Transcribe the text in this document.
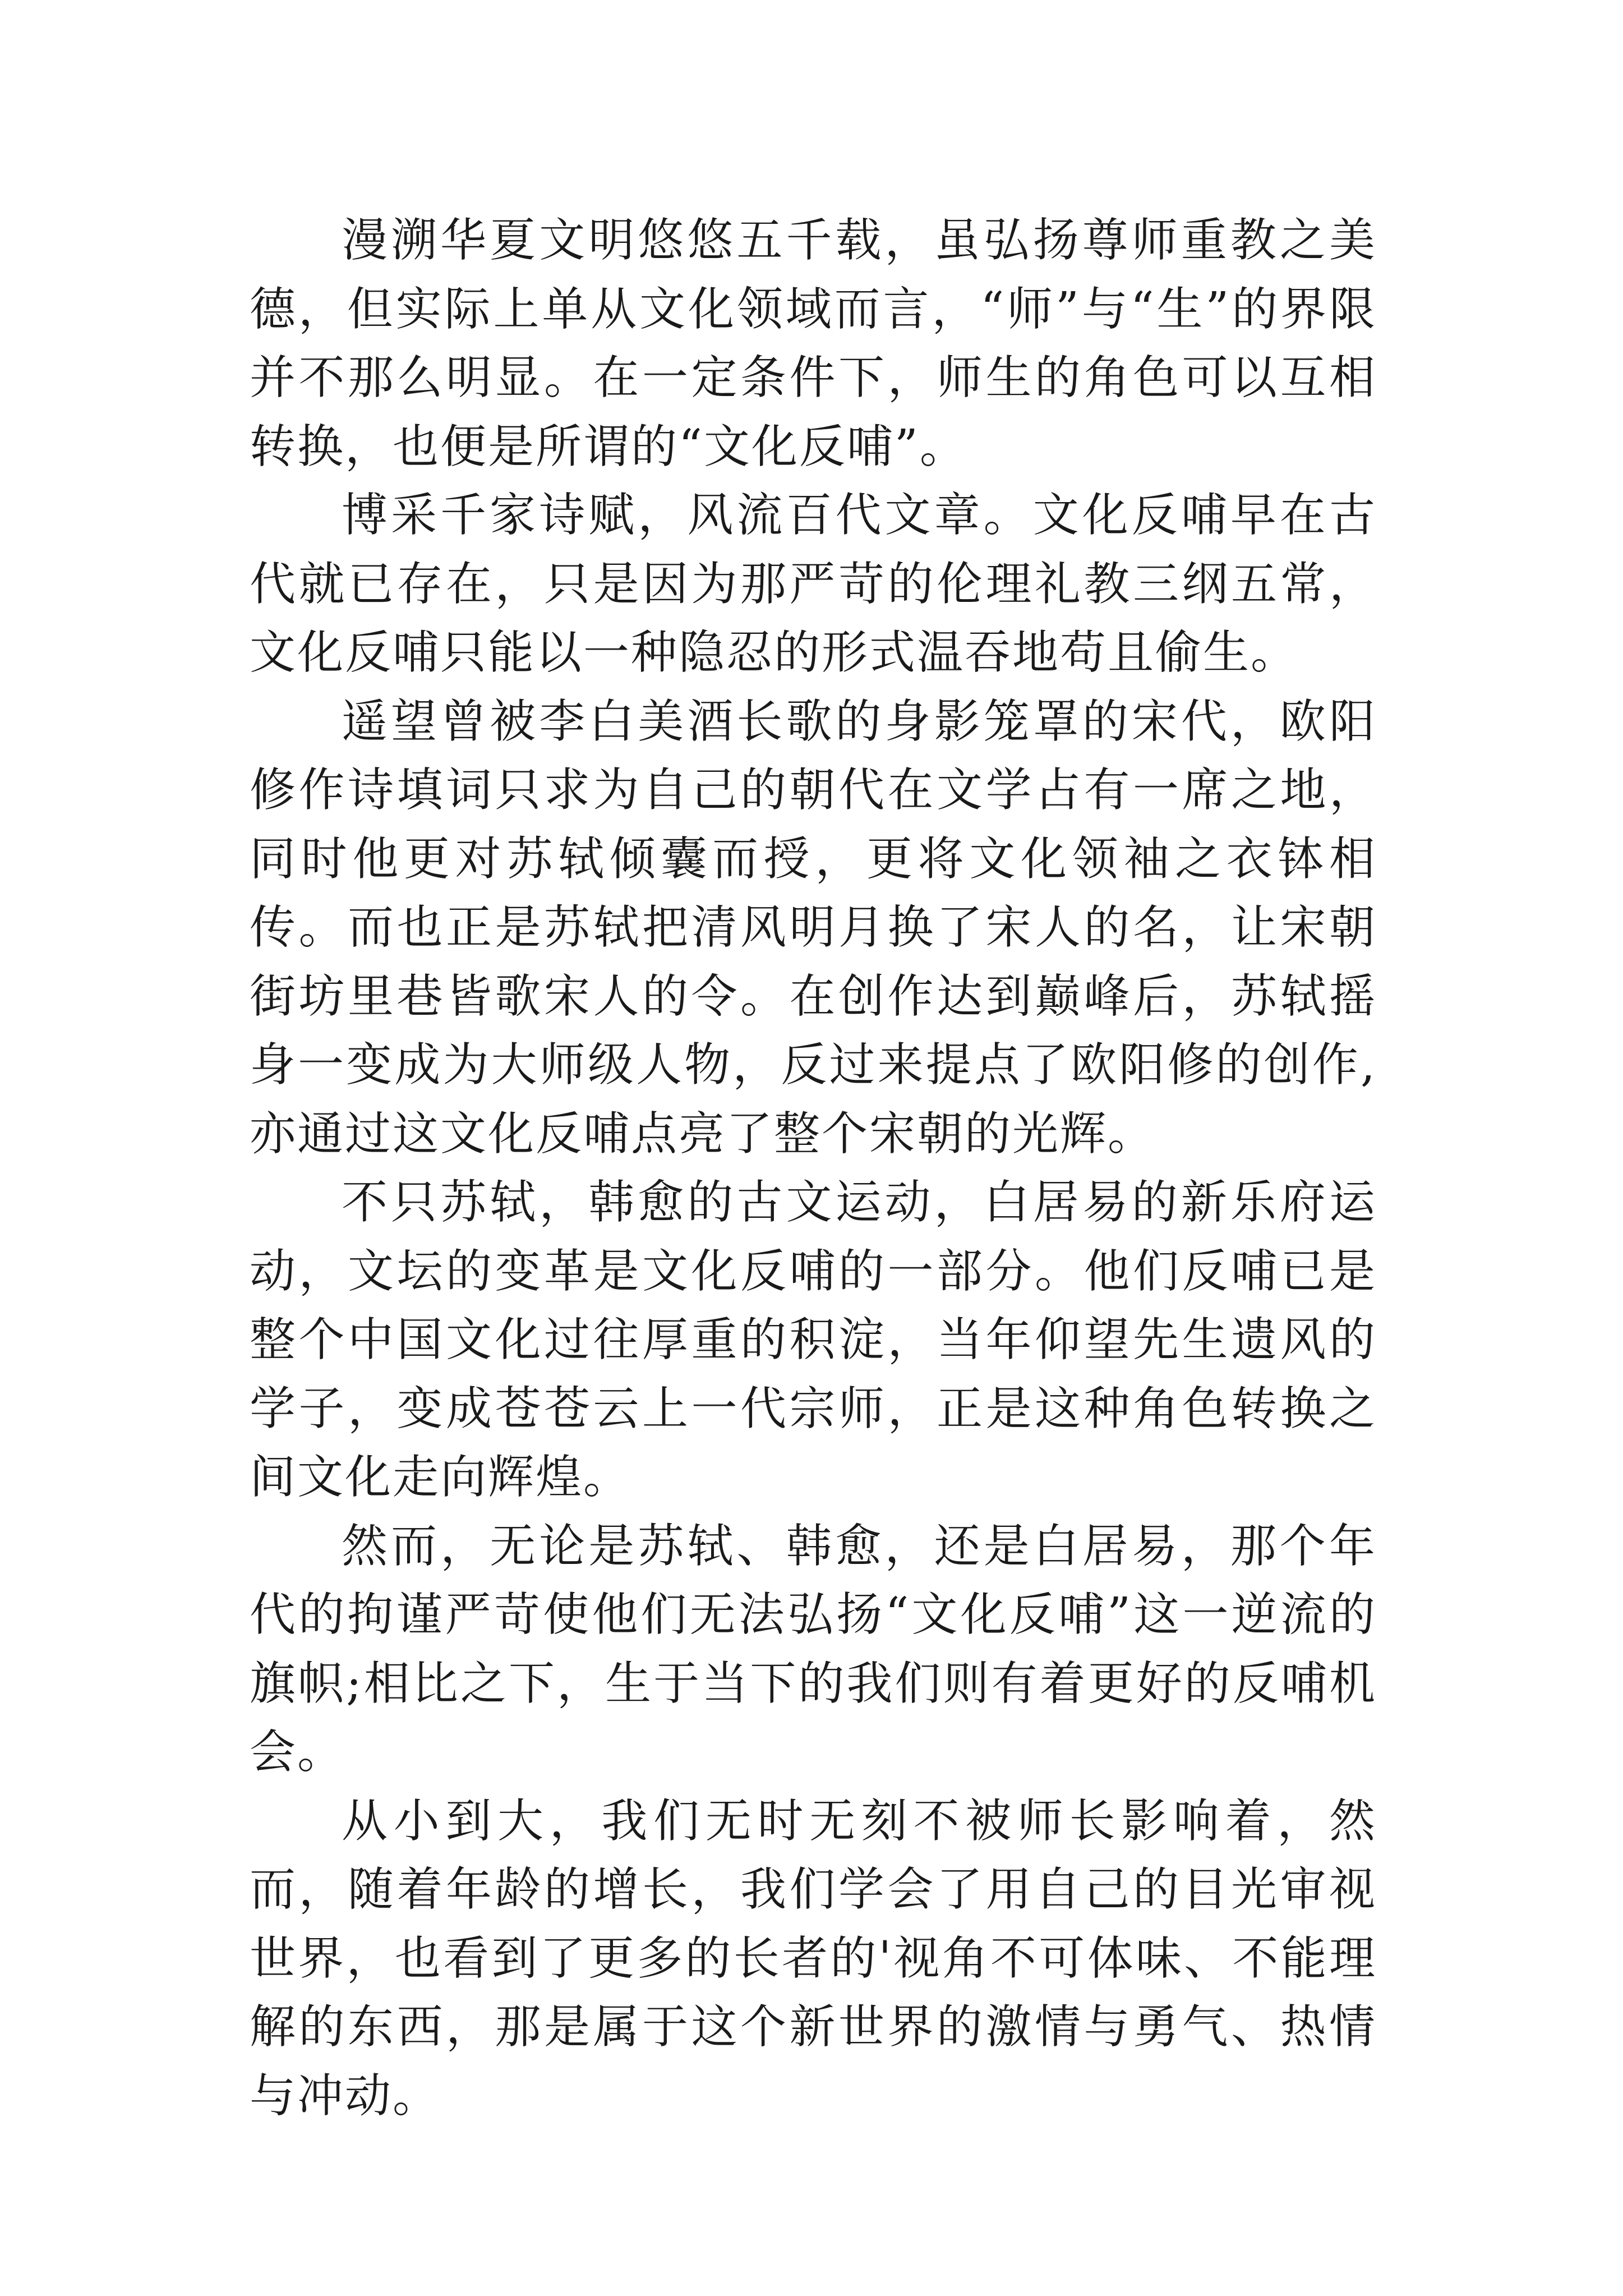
漫溯华夏文明悠悠五千载，虽弘扬尊师重教之美德，但实际上单从文化领域而言，“师”与“生”的界限并不那么明显。在一定条件下，师生的角色可以互相转换，也便是所谓的“文化反哺”。

博采千家诗赋，风流百代文章。文化反哺早在古代就已存在，只是因为那严苛的伦理礼教三纲五常，文化反哺只能以一种隐忍的形式温吞地苟且偷生。

遥望曾被李白美酒长歌的身影笼罩的宋代，欧阳修作诗填词只求为自己的朝代在文学占有一席之地，同时他更对苏轼倾囊而授，更将文化领袖之衣钵相传。而也正是苏轼把清风明月换了宋人的名，让宋朝街坊里巷皆歌宋人的令。在创作达到巅峰后，苏轼摇身一变成为大师级人物，反过来提点了欧阳修的创作,亦通过这文化反哺点亮了整个宋朝的光辉。

不只苏轼，韩愈的古文运动，白居易的新乐府运动，文坛的变革是文化反哺的一部分。他们反哺已是整个中国文化过往厚重的积淀，当年仰望先生遗风的学子，变成苍苍云上一代宗师，正是这种角色转换之间文化走向辉煌。

然而，无论是苏轼、韩愈，还是白居易，那个年代的拘谨严苛使他们无法弘扬“文化反哺”这一逆流的旗帜;相比之下，生于当下的我们则有着更好的反哺机会。

从小到大，我们无时无刻不被师长影响着，然而，随着年龄的增长，我们学会了用自己的目光审视世界，也看到了更多的长者的'视角不可体味、不能理解的东西，那是属于这个新世界的激情与勇气、热情与冲动。
